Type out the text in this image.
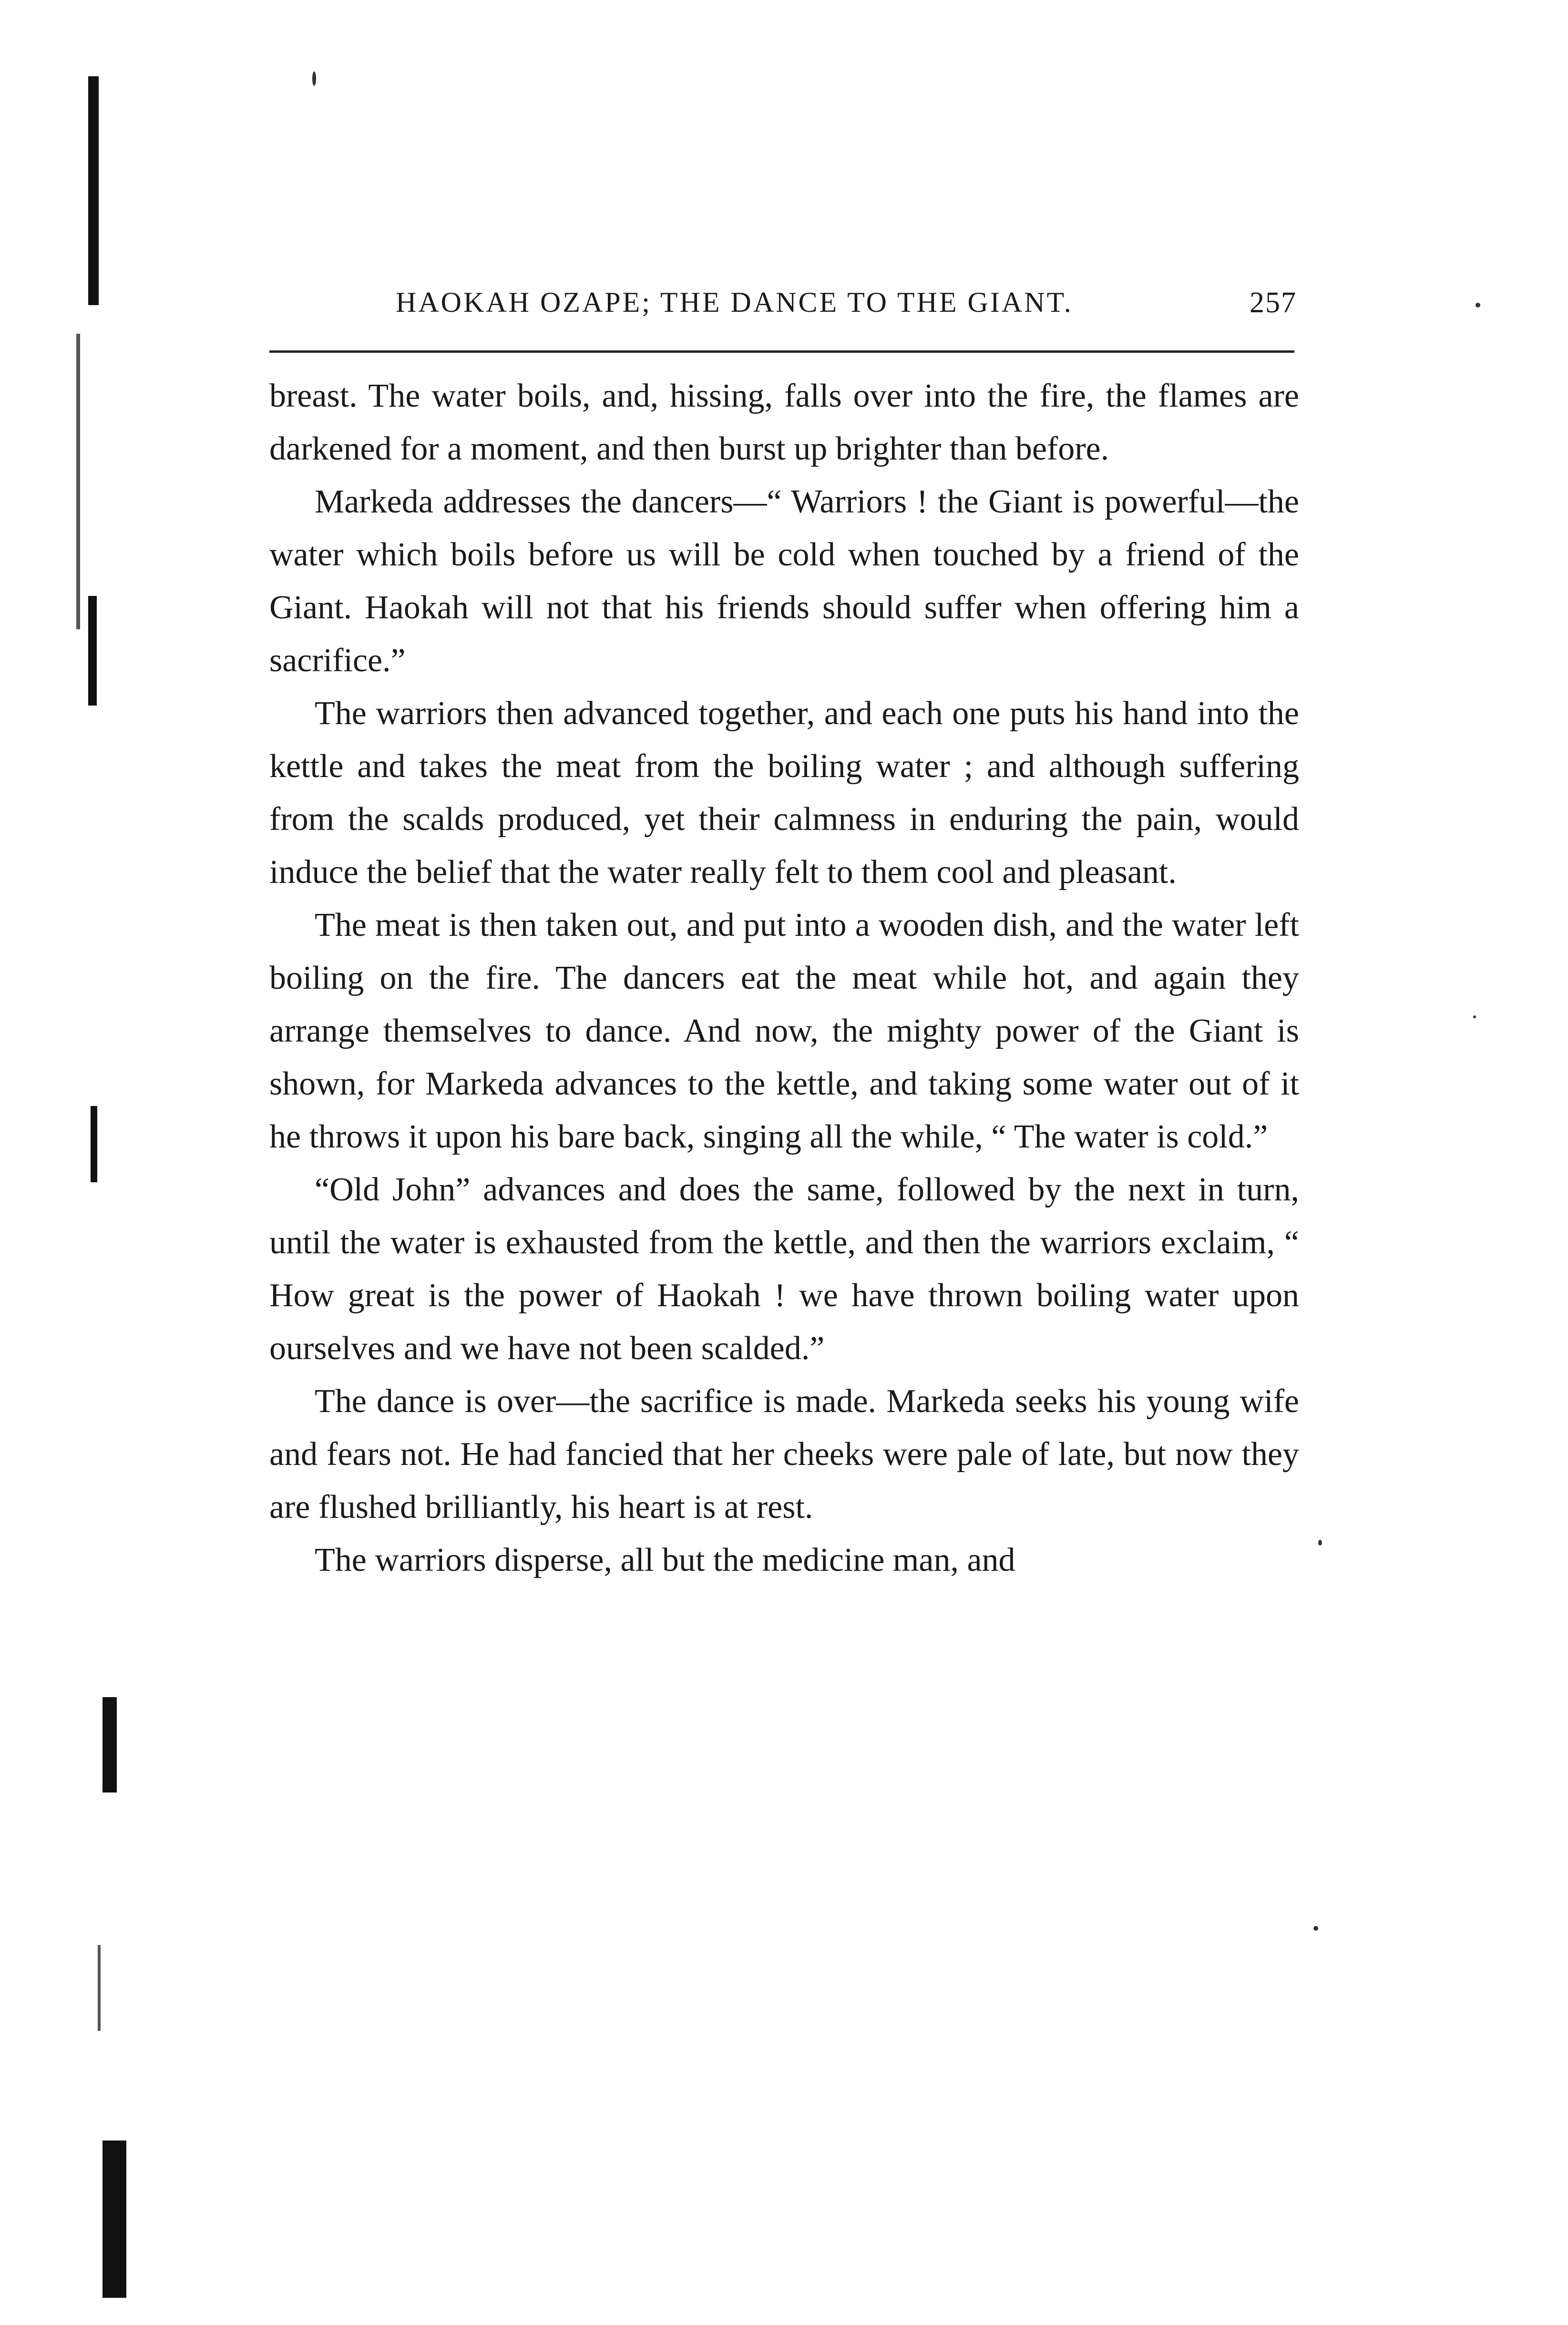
HAOKAH OZAPE; THE DANCE TO THE GIANT.	257

breast. The water boils, and, hissing, falls over into the fire, the flames are darkened for a moment, and then burst up brighter than before.

Markeda addresses the dancers—“ Warriors ! the Giant is powerful—the water which boils before us will be cold when touched by a friend of the Giant. Haokah will not that his friends should suffer when offering him a sacrifice.”

The warriors then advanced together, and each one puts his hand into the kettle and takes the meat from the boiling water ; and although suffering from the scalds produced, yet their calmness in enduring the pain, would induce the belief that the water really felt to them cool and pleasant.

The meat is then taken out, and put into a wooden dish, and the water left boiling on the fire. The dancers eat the meat while hot, and again they arrange themselves to dance. And now, the mighty power of the Giant is shown, for Markeda advances to the kettle, and taking some water out of it he throws it upon his bare back, singing all the while, “ The water is cold.”

“Old John” advances and does the same, followed by the next in turn, until the water is exhausted from the kettle, and then the warriors exclaim, “ How great is the power of Haokah ! we have thrown boiling water upon ourselves and we have not been scalded.”

The dance is over—the sacrifice is made. Markeda seeks his young wife and fears not. He had fancied that her cheeks were pale of late, but now they are flushed brilliantly, his heart is at rest.

The warriors disperse, all but the medicine man, and
